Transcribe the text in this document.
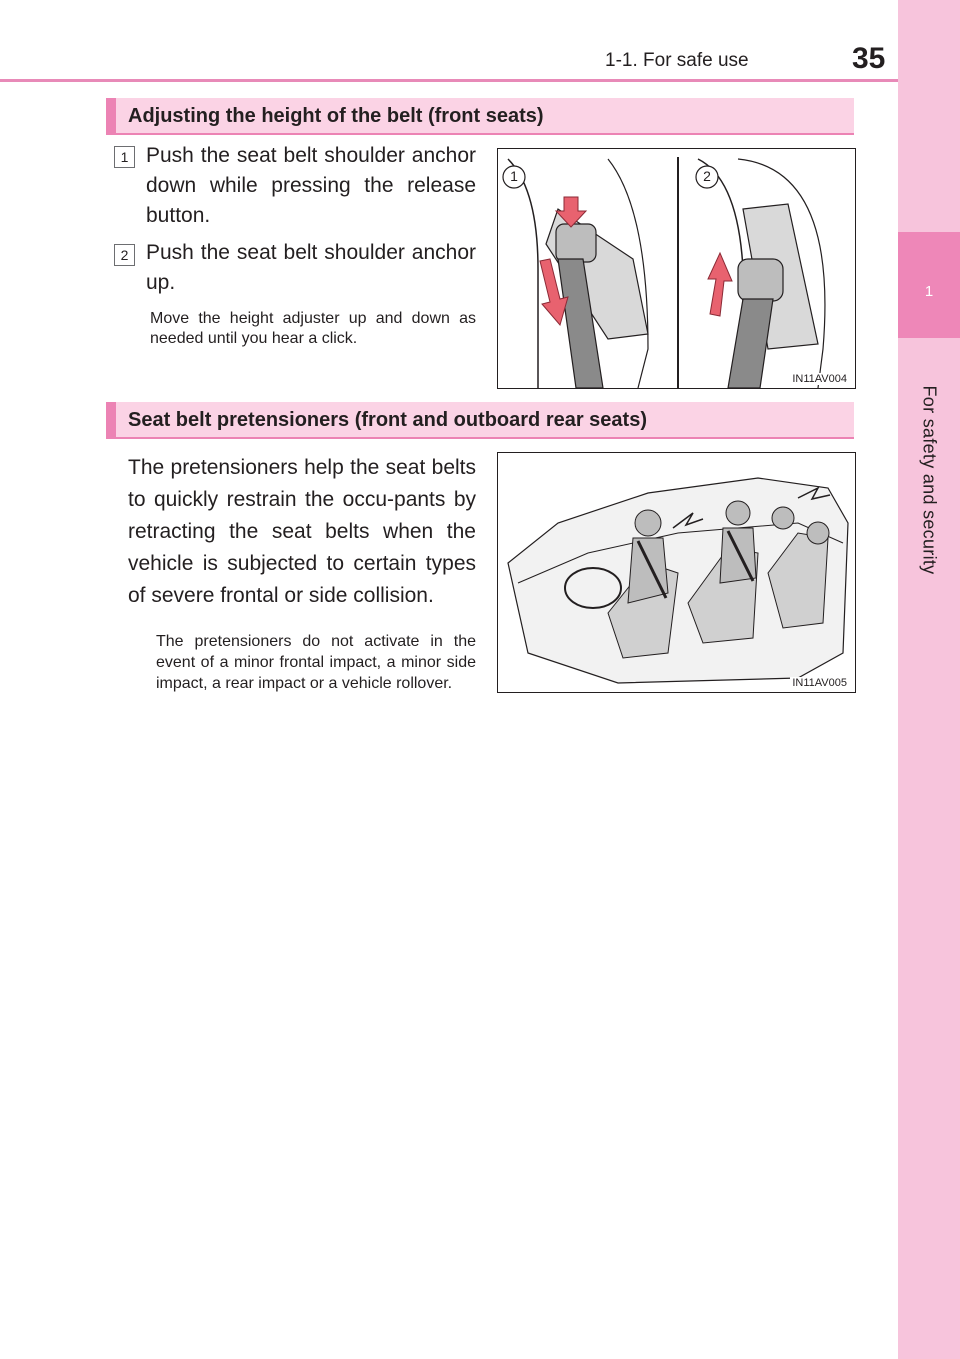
1-1. For safe use	35
1
For safety and security
Adjusting the height of the belt (front seats)
1 Push the seat belt shoulder anchor down while pressing the release button.
2 Push the seat belt shoulder anchor up.
Move the height adjuster up and down as needed until you hear a click.
1	2
IN11AV004
Seat belt pretensioners (front and outboard rear seats)
The pretensioners help the seat belts to quickly restrain the occu-pants by retracting the seat belts when the vehicle is subjected to certain types of severe frontal or side collision.
The pretensioners do not activate in the event of a minor frontal impact, a minor side impact, a rear impact or a vehicle rollover.	IN11AV005
